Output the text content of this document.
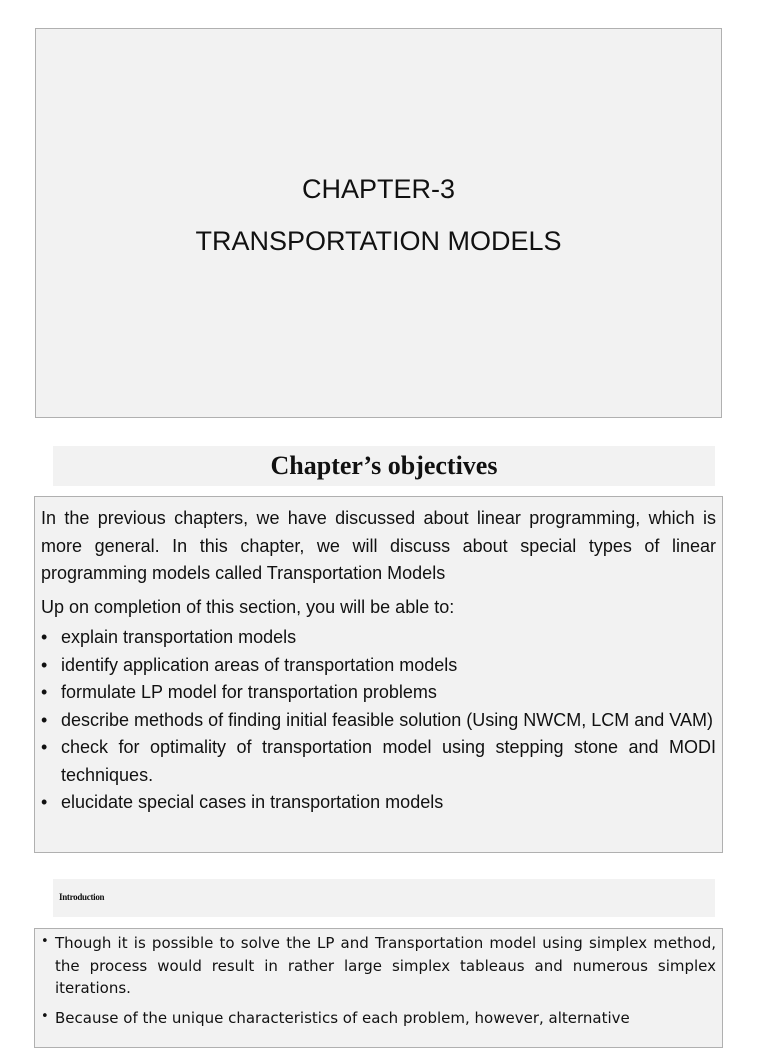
CHAPTER-3
TRANSPORTATION MODELS
Chapter’s objectives

In the previous chapters, we have discussed about linear programming, which is more general. In this chapter, we will discuss about special types of linear programming models called Transportation Models

Up on completion of this section, you will be able to:

• explain transportation models
• identify application areas of transportation models
• formulate LP model for transportation problems
• describe methods of finding initial feasible solution (Using NWCM, LCM and VAM)
• check for optimality of transportation model using stepping stone and MODI techniques.
• elucidate special cases in transportation models
Introduction
• Though it is possible to solve the LP and Transportation model using simplex method, the process would result in rather large simplex tableaus and numerous simplex iterations.
• Because of the unique characteristics of each problem, however, alternative
